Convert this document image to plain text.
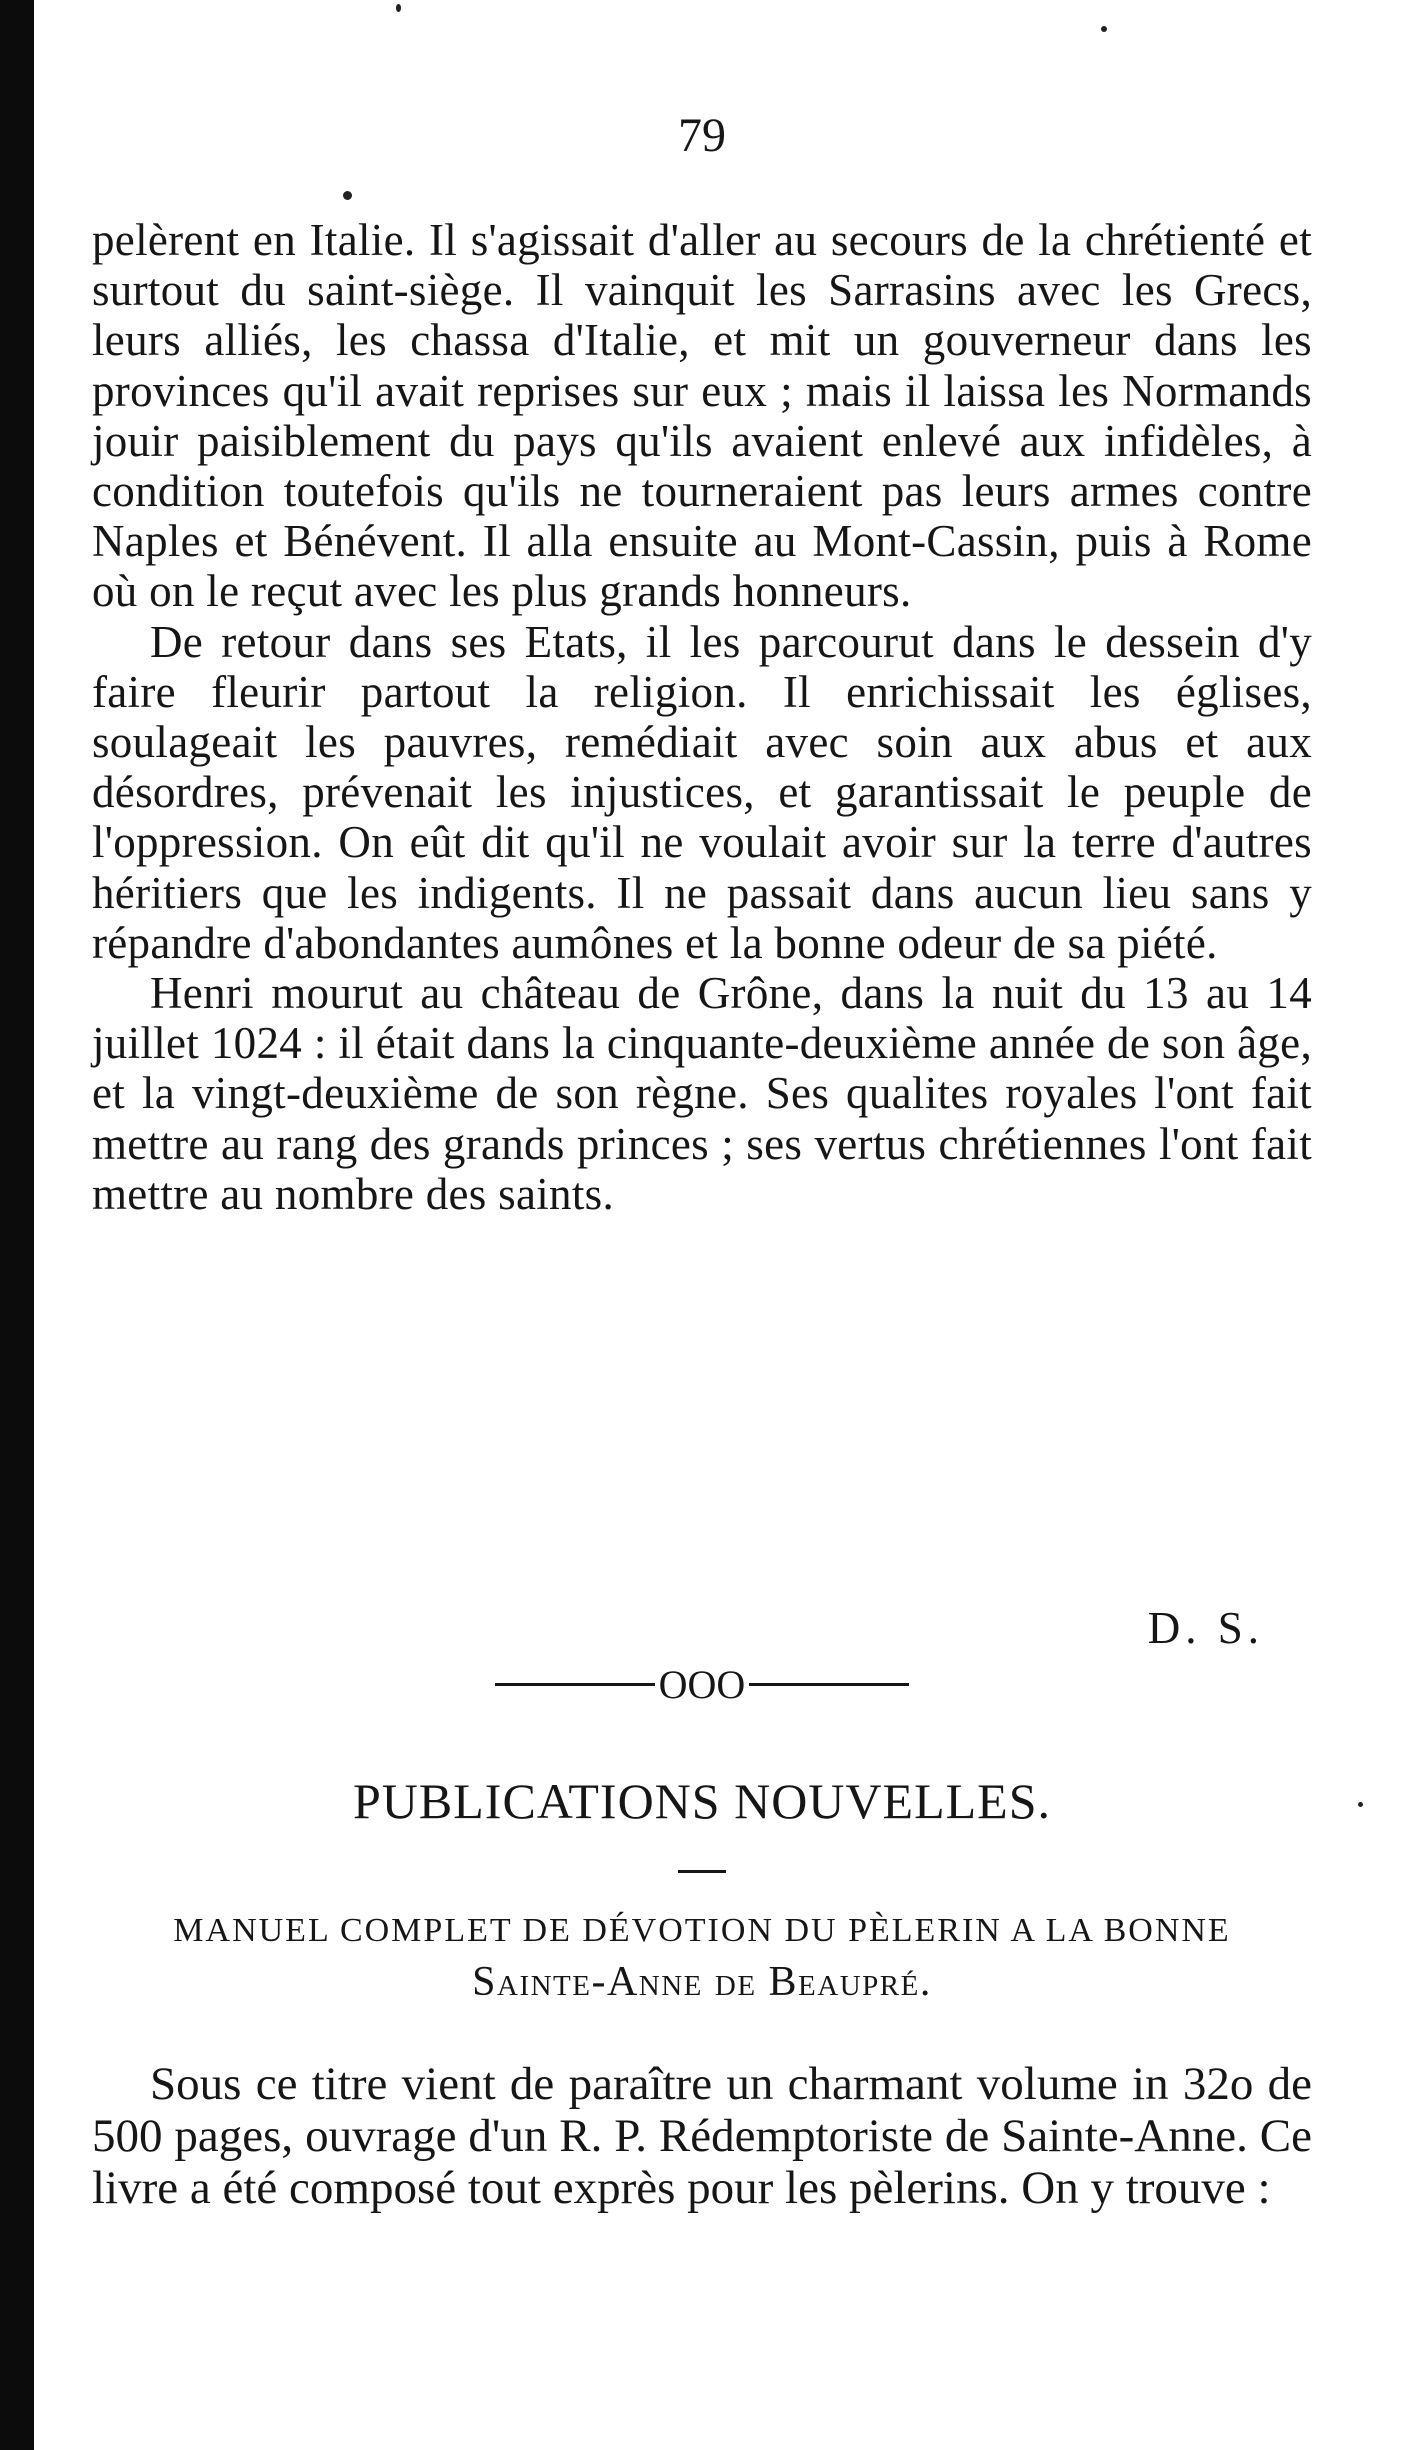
79

pelèrent en Italie. Il s'agissait d'aller au secours de la chrétienté et surtout du saint-siège. Il vainquit les Sarrasins avec les Grecs, leurs alliés, les chassa d'Italie, et mit un gouverneur dans les provinces qu'il avait reprises sur eux ; mais il laissa les Normands jouir paisiblement du pays qu'ils avaient enlevé aux infidèles, à condition toutefois qu'ils ne tourneraient pas leurs armes contre Naples et Bénévent. Il alla ensuite au Mont-Cassin, puis à Rome où on le reçut avec les plus grands honneurs.

De retour dans ses Etats, il les parcourut dans le dessein d'y faire fleurir partout la religion. Il enrichissait les églises, soulageait les pauvres, remédiait avec soin aux abus et aux désordres, prévenait les injustices, et garantissait le peuple de l'oppression. On eût dit qu'il ne voulait avoir sur la terre d'autres héritiers que les indigents. Il ne passait dans aucun lieu sans y répandre d'abondantes aumônes et la bonne odeur de sa piété.

Henri mourut au château de Grône, dans la nuit du 13 au 14 juillet 1024 : il était dans la cinquante-deuxième année de son âge, et la vingt-deuxième de son règne. Ses qualites royales l'ont fait mettre au rang des grands princes ; ses vertus chrétiennes l'ont fait mettre au nombre des saints.

D. S.
OOO
PUBLICATIONS NOUVELLES.
MANUEL COMPLET DE DÉVOTION DU PÈLERIN A LA BONNE
Sainte-Anne de Beaupré.

Sous ce titre vient de paraître un charmant volume in 32o de 500 pages, ouvrage d'un R. P. Rédemptoriste de Sainte-Anne. Ce livre a été composé tout exprès pour les pèlerins. On y trouve :
